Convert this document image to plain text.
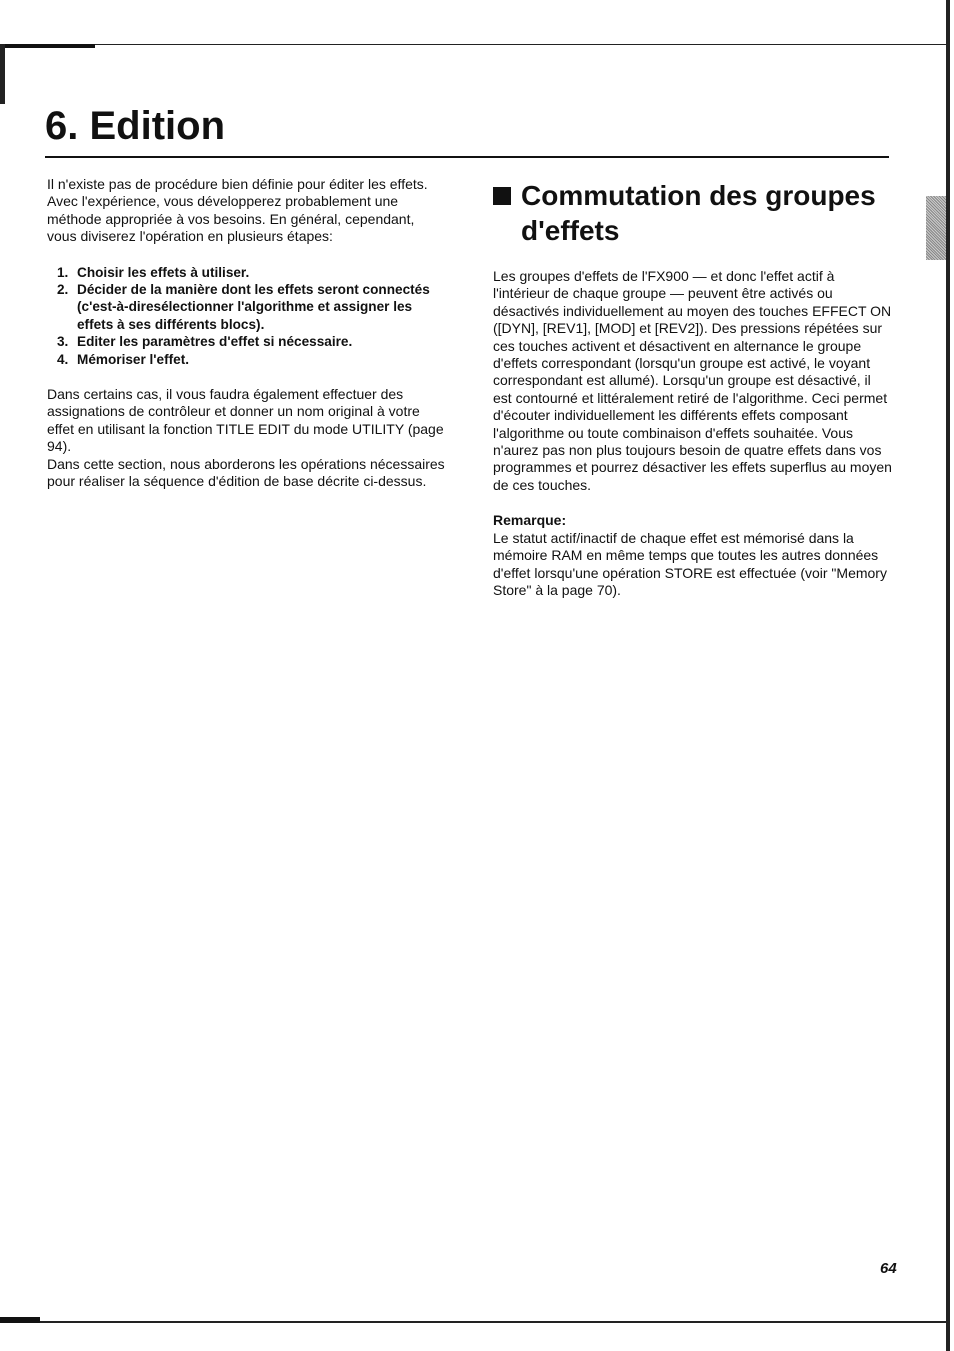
6. Edition

Il n'existe pas de procédure bien définie pour éditer les effets. Avec l'expérience, vous développerez probablement une méthode appropriée à vos besoins. En général, cependant, vous diviserez l'opération en plusieurs étapes:

1. Choisir les effets à utiliser.
2. Décider de la manière dont les effets seront connectés (c'est-à-diresélectionner l'algorithme et assigner les effets à ses différents blocs).
3. Editer les paramètres d'effet si nécessaire.
4. Mémoriser l'effet.

Dans certains cas, il vous faudra également effectuer des assignations de contrôleur et donner un nom original à votre effet en utilisant la fonction TITLE EDIT du mode UTILITY (page 94).

Dans cette section, nous aborderons les opérations nécessaires pour réaliser la séquence d'édition de base décrite ci-dessus.

Commutation des groupes d'effets

Les groupes d'effets de l'FX900 — et donc l'effet actif à l'intérieur de chaque groupe — peuvent être activés ou désactivés individuellement au moyen des touches EFFECT ON ([DYN], [REV1], [MOD] et [REV2]). Des pressions répétées sur ces touches activent et désactivent en alternance le groupe d'effets correspondant (lorsqu'un groupe est activé, le voyant correspondant est allumé). Lorsqu'un groupe est désactivé, il est contourné et littéralement retiré de l'algorithme. Ceci permet d'écouter individuellement les différents effets composant l'algorithme ou toute combinaison d'effets souhaitée. Vous n'aurez pas non plus toujours besoin de quatre effets dans vos programmes et pourrez désactiver les effets superflus au moyen de ces touches.

Remarque:

Le statut actif/inactif de chaque effet est mémorisé dans la mémoire RAM en même temps que toutes les autres données d'effet lorsqu'une opération STORE est effectuée (voir "Memory Store" à la page 70).

64
